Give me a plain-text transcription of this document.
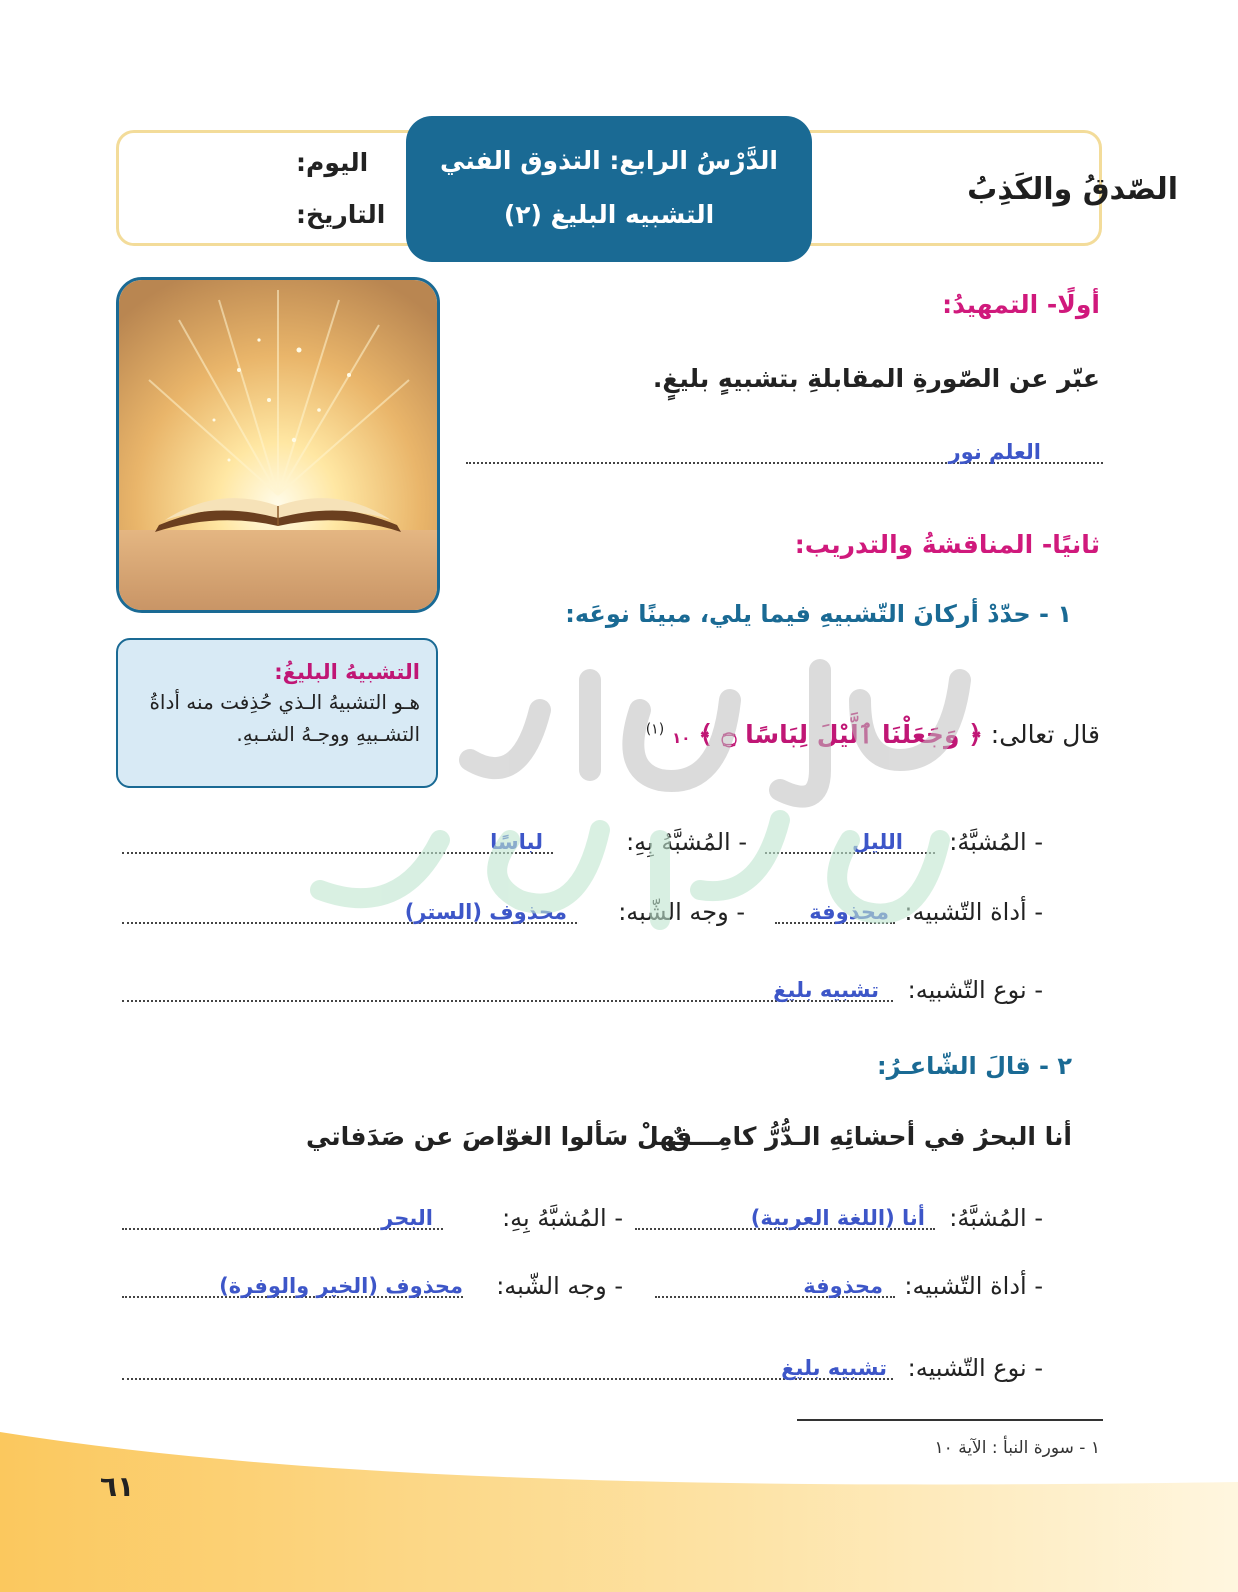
الصّدقُ والكَذِبُ
اليوم:
التاريخ:
الدَّرْسُ الرابع: التذوق الفني
التشبيه البليغ (٢)
التشبيهُ البليغُ:
هـو التشبيهُ الـذي حُذِفت منه أداةُ التشـبيهِ ووجـهُ الشـبهِ.
أولًا- التمهيدُ:
عبّر عن الصّورةِ المقابلةِ بتشبيهٍ بليغٍ.
العلم نور
ثانيًا- المناقشةُ والتدريب:
١ - حدّدْ أركانَ التّشبيهِ فيما يلي، مبينًا نوعَه:
قال تعالى: ﴿ وَجَعَلْنَا ٱلَّيْلَ لِبَاسًا ۝ ﴾ ١٠ $^{(١)}$
- المُشبَّهُ:
الليل
- المُشبَّهُ بِهِ:
لباسًا
- أداة التّشبيه:
محذوفة
- وجه الشّبه:
محذوف (الستر)
- نوع التّشبيه:
تشبيه بليغ
٢ - قالَ الشّاعـرُ:
أنا البحرُ في أحشائِهِ الـدُّرُّ كامِـــنٌ
فهلْ سَألوا الغوّاصَ عن صَدَفاتي
- المُشبَّهُ:
أنا (اللغة العربية)
- المُشبَّهُ بِهِ:
البحر
- أداة التّشبيه:
محذوفة
- وجه الشّبه:
محذوف (الخير والوفرة)
- نوع التّشبيه:
تشبيه بليغ
١ - سورة النبأ : الآية ١٠
٦١
